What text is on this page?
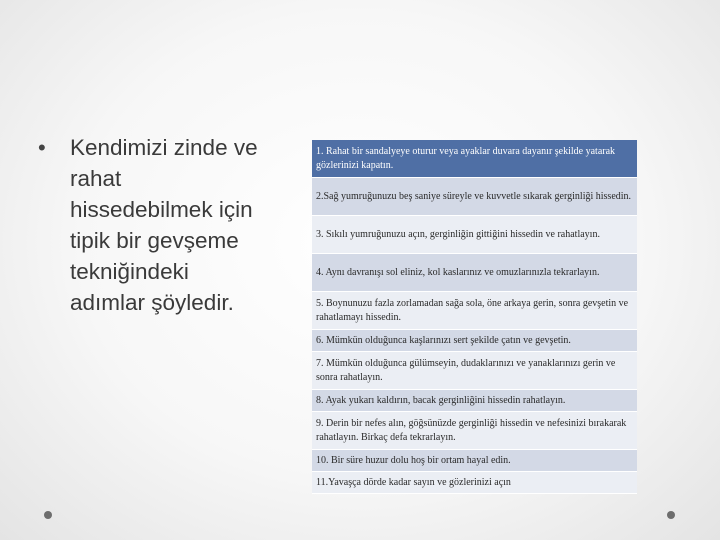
•	Kendimizi zinde ve rahat hissedebilmek için tipik bir gevşeme tekniğindeki adımlar şöyledir.
1. Rahat bir sandalyeye oturur veya ayaklar duvara dayanır şekilde yatarak gözlerinizi kapatın.
2.Sağ yumruğunuzu beş saniye süreyle ve kuvvetle sıkarak gerginliği hissedin.
3. Sıkılı yumruğunuzu açın, gerginliğin gittiğini hissedin ve rahatlayın.
4. Aynı davranışı sol eliniz, kol kaslarınız ve omuzlarınızla tekrarlayın.
5. Boynunuzu fazla zorlamadan sağa sola, öne arkaya gerin, sonra gevşetin ve rahatlamayı hissedin.
6. Mümkün olduğunca kaşlarınızı sert şekilde çatın ve gevşetin.
7. Mümkün olduğunca gülümseyin, dudaklarınızı ve yanaklarınızı gerin ve sonra rahatlayın.
8. Ayak yukarı kaldırın, bacak gerginliğini hissedin rahatlayın.
9. Derin bir nefes alın, göğsünüzde gerginliği hissedin ve nefesinizi bırakarak rahatlayın. Birkaç defa tekrarlayın.
10. Bir süre huzur dolu hoş bir ortam hayal edin.
11.Yavaşça dörde kadar sayın ve gözlerinizi açın
